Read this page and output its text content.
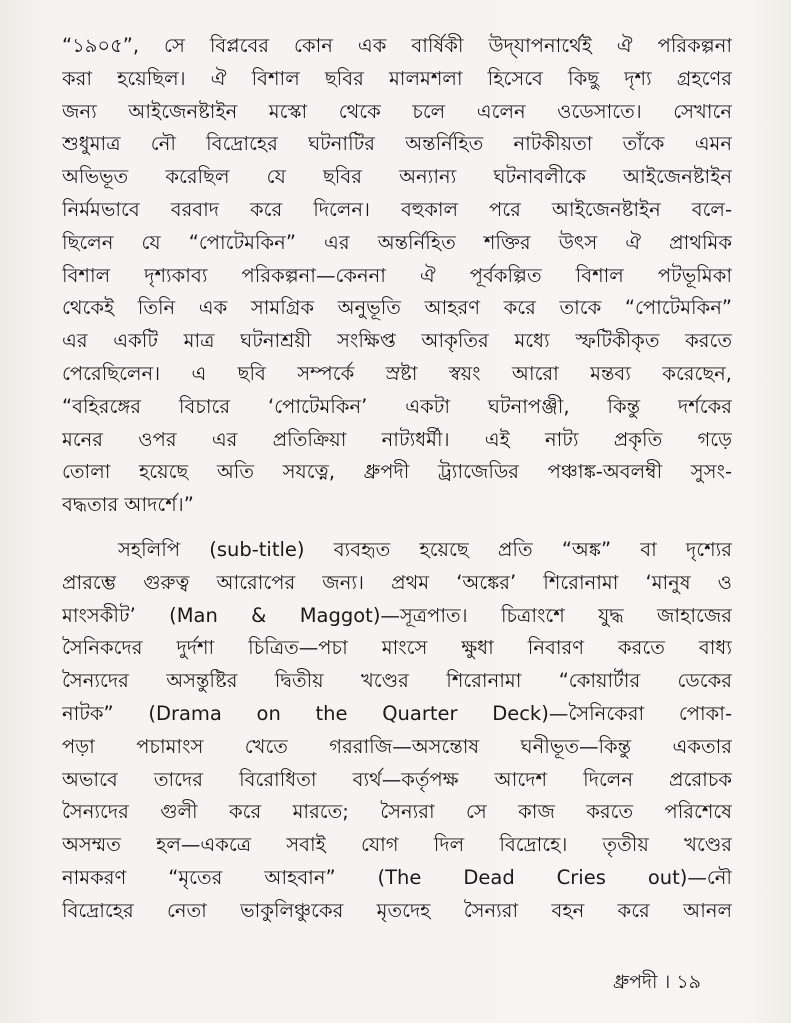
“১৯০৫”, সে বিপ্লবের কোন এক বার্ষিকী উদ্‌যাপনার্থেই ঐ পরিকল্পনা
করা হয়েছিল। ঐ বিশাল ছবির মালমশলা হিসেবে কিছু দৃশ্য গ্রহণের
জন্য আইজেনষ্টাইন মস্কো থেকে চলে এলেন ওডেসাতে। সেখানে
শুধুমাত্র নৌ বিদ্রোহের ঘটনাটির অন্তর্নিহিত নাটকীয়তা তাঁকে এমন
অভিভূত করেছিল যে ছবির অন্যান্য ঘটনাবলীকে আইজেনষ্টাইন
নির্মমভাবে বরবাদ করে দিলেন। বহুকাল পরে আইজেনষ্টাইন বলে-
ছিলেন যে “পোটেমকিন” এর অন্তর্নিহিত শক্তির উৎস ঐ প্রাথমিক
বিশাল দৃশ্যকাব্য পরিকল্পনা—কেননা ঐ পূর্বকল্পিত বিশাল পটভূমিকা
থেকেই তিনি এক সামগ্রিক অনুভূতি আহরণ করে তাকে “পোটেমকিন”
এর একটি মাত্র ঘটনাশ্রয়ী সংক্ষিপ্ত আকৃতির মধ্যে স্ফটিকীকৃত করতে
পেরেছিলেন। এ ছবি সম্পর্কে স্রষ্টা স্বয়ং আরো মন্তব্য করেছেন,
“বহিরঙ্গের বিচারে ‘পোটেমকিন’ একটা ঘটনাপঞ্জী, কিন্তু দর্শকের
মনের ওপর এর প্রতিক্রিয়া নাট্যধর্মী। এই নাট্য প্রকৃতি গড়ে
তোলা হয়েছে অতি সযত্নে, ধ্রুপদী ট্র্যাজেডির পঞ্চাঙ্ক-অবলম্বী সুসং-
বদ্ধতার আদর্শে।”
সহলিপি (sub-title) ব্যবহৃত হয়েছে প্রতি “অঙ্ক” বা দৃশ্যের
প্রারম্ভে গুরুত্ব আরোপের জন্য। প্রথম ‘অঙ্কের’ শিরোনামা ‘মানুষ ও
মাংসকীট’ (Man & Maggot)—সূত্রপাত। চিত্রাংশে যুদ্ধ জাহাজের
সৈনিকদের দুর্দশা চিত্রিত—পচা মাংসে ক্ষুধা নিবারণ করতে বাধ্য
সৈন্যদের অসন্তুষ্টির দ্বিতীয় খণ্ডের শিরোনামা “কোয়ার্টার ডেকের
নাটক” (Drama on the Quarter Deck)—সৈনিকেরা পোকা-
পড়া পচামাংস খেতে গররাজি—অসন্তোষ ঘনীভূত—কিন্তু একতার
অভাবে তাদের বিরোধিতা ব্যর্থ—কর্তৃপক্ষ আদেশ দিলেন প্ররোচক
সৈন্যদের গুলী করে মারতে; সৈন্যরা সে কাজ করতে পরিশেষে
অসম্মত হল—একত্রে সবাই যোগ দিল বিদ্রোহে। তৃতীয় খণ্ডের
নামকরণ “মৃতের আহবান” (The Dead Cries out)—নৌ
বিদ্রোহের নেতা ভাকুলিঞ্চুকের মৃতদেহ সৈন্যরা বহন করে আনল
ধ্রুপদী । ১৯
